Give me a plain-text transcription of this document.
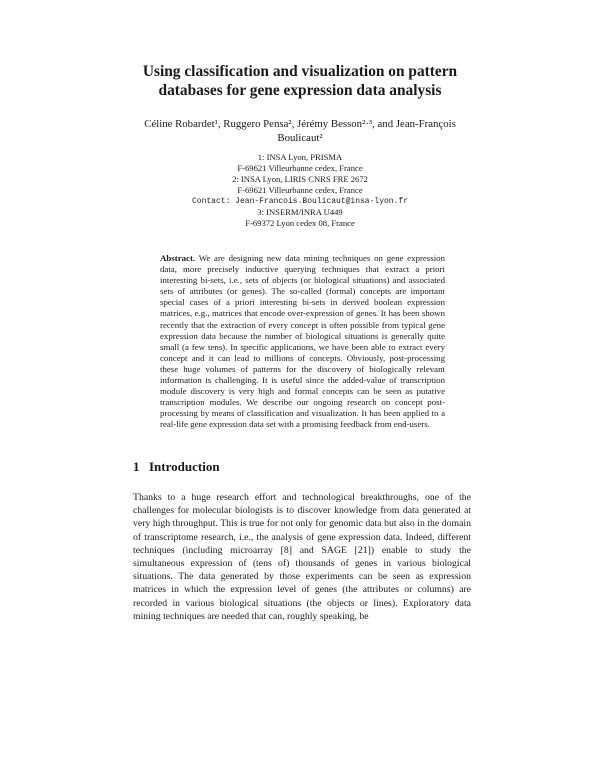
Using classification and visualization on pattern databases for gene expression data analysis
Céline Robardet¹, Ruggero Pensa², Jérémy Besson²·³, and Jean-François
Boulicaut²
1: INSA Lyon, PRISMA
F-69621 Villeurbanne cedex, France
2: INSA Lyon, LIRIS CNRS FRE 2672
F-69621 Villeurbanne cedex, France
Contact: Jean-Francois.Boulicaut@insa-lyon.fr
3: INSERM/INRA U449
F-69372 Lyon cedex 08, France

Abstract. We are designing new data mining techniques on gene expression data, more precisely inductive querying techniques that extract a priori interesting bi-sets, i.e., sets of objects (or biological situations) and associated sets of attributes (or genes). The so-called (formal) concepts are important special cases of a priori interesting bi-sets in derived boolean expression matrices, e.g., matrices that encode over-expression of genes. It has been shown recently that the extraction of every concept is often possible from typical gene expression data because the number of biological situations is generally quite small (a few tens). In specific applications, we have been able to extract every concept and it can lead to millions of concepts. Obviously, post-processing these huge volumes of patterns for the discovery of biologically relevant information is challenging. It is useful since the added-value of transcription module discovery is very high and formal concepts can be seen as putative transcription modules. We describe our ongoing research on concept post-processing by means of classification and visualization. It has been applied to a real-life gene expression data set with a promising feedback from end-users.

1 Introduction

Thanks to a huge research effort and technological breakthroughs, one of the challenges for molecular biologists is to discover knowledge from data generated at very high throughput. This is true for not only for genomic data but also in the domain of transcriptome research, i.e., the analysis of gene expression data. Indeed, different techniques (including microarray [8] and SAGE [21]) enable to study the simultaneous expression of (tens of) thousands of genes in various biological situations. The data generated by those experiments can be seen as expression matrices in which the expression level of genes (the attributes or columns) are recorded in various biological situations (the objects or lines). Exploratory data mining techniques are needed that can, roughly speaking, be
